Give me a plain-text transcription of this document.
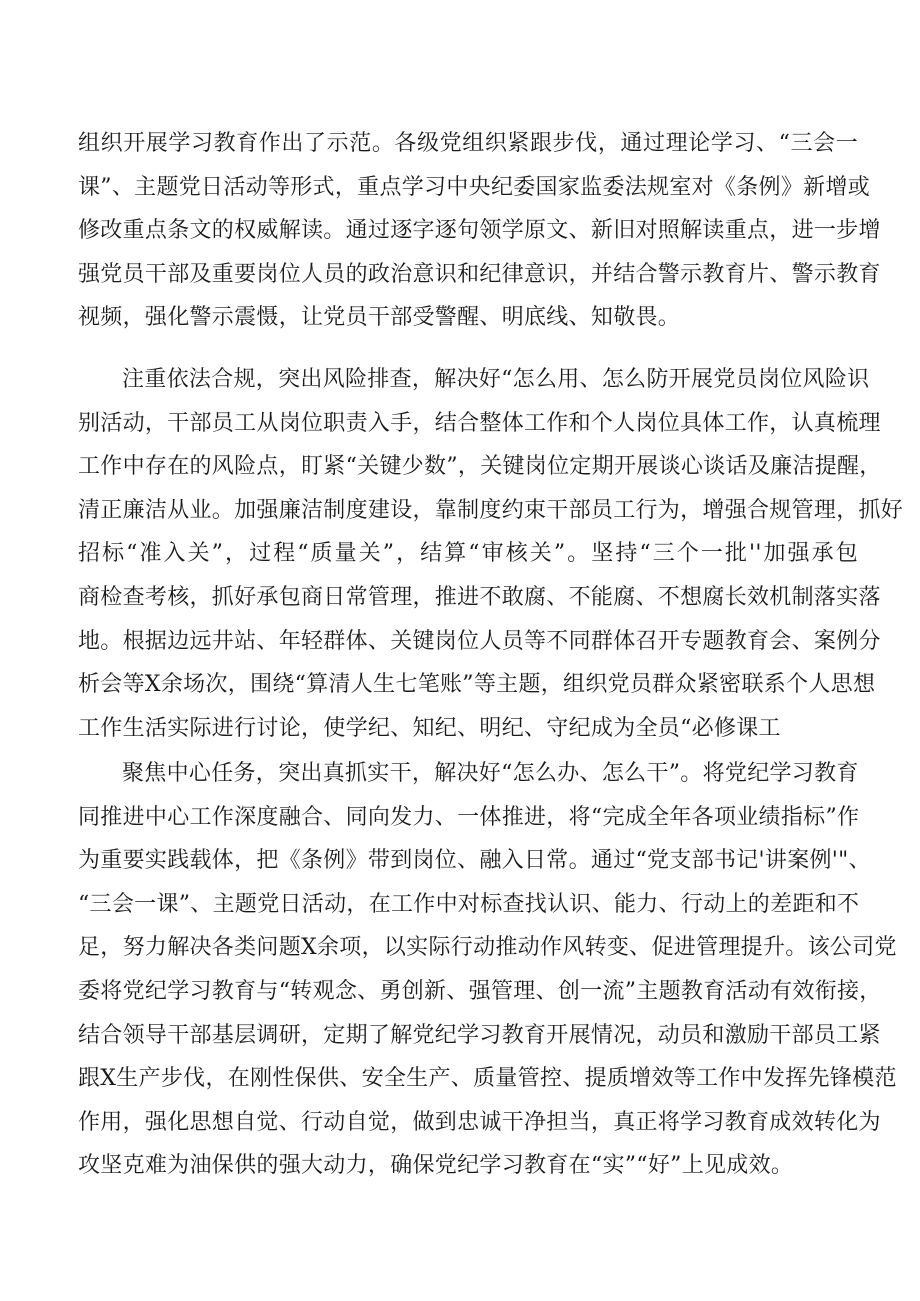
组织开展学习教育作出了示范。各级党组织紧跟步伐，通过理论学习、“三会一
课”、主题党日活动等形式，重点学习中央纪委国家监委法规室对《条例》新增或
修改重点条文的权威解读。通过逐字逐句领学原文、新旧对照解读重点，进一步增
强党员干部及重要岗位人员的政治意识和纪律意识，并结合警示教育片、警示教育
视频，强化警示震慑，让党员干部受警醒、明底线、知敬畏。
注重依法合规，突出风险排查，解决好“怎么用、怎么防开展党员岗位风险识
别活动，干部员工从岗位职责入手，结合整体工作和个人岗位具体工作，认真梳理
工作中存在的风险点，盯紧“关键少数”，关键岗位定期开展谈心谈话及廉洁提醒，
清正廉洁从业。加强廉洁制度建设，靠制度约束干部员工行为，增强合规管理，抓好
招标“准入关”，过程“质量关”，结算“审核关”。坚持“三个一批''加强承包
商检查考核，抓好承包商日常管理，推进不敢腐、不能腐、不想腐长效机制落实落
地。根据边远井站、年轻群体、关键岗位人员等不同群体召开专题教育会、案例分
析会等X余场次，围绕“算清人生七笔账”等主题，组织党员群众紧密联系个人思想
工作生活实际进行讨论，使学纪、知纪、明纪、守纪成为全员“必修课工
聚焦中心任务，突出真抓实干，解决好“怎么办、怎么干”。将党纪学习教育
同推进中心工作深度融合、同向发力、一体推进，将“完成全年各项业绩指标”作
为重要实践载体，把《条例》带到岗位、融入日常。通过“党支部书记'讲案例'"、
“三会一课”、主题党日活动，在工作中对标查找认识、能力、行动上的差距和不
足，努力解决各类问题X余项，以实际行动推动作风转变、促进管理提升。该公司党
委将党纪学习教育与“转观念、勇创新、强管理、创一流”主题教育活动有效衔接，
结合领导干部基层调研，定期了解党纪学习教育开展情况，动员和激励干部员工紧
跟X生产步伐，在刚性保供、安全生产、质量管控、提质增效等工作中发挥先锋模范
作用，强化思想自觉、行动自觉，做到忠诚干净担当，真正将学习教育成效转化为
攻坚克难为油保供的强大动力，确保党纪学习教育在“实”“好”上见成效。
